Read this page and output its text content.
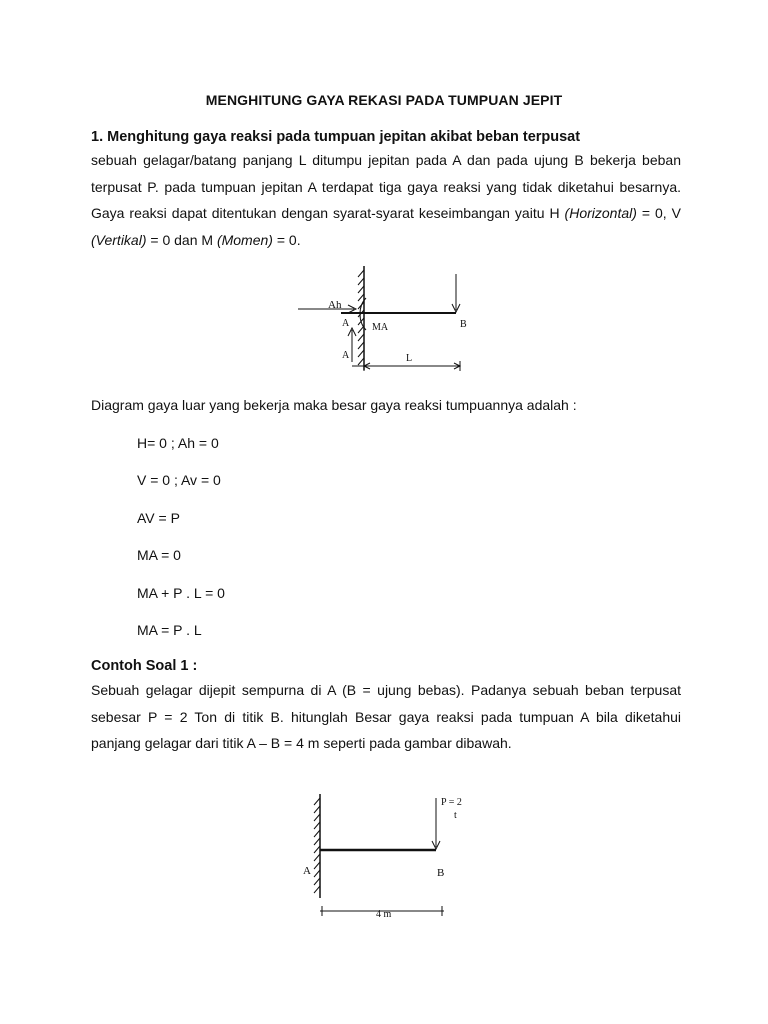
MENGHITUNG GAYA REKASI PADA TUMPUAN JEPIT
1. Menghitung gaya reaksi pada tumpuan jepitan akibat beban terpusat
sebuah gelagar/batang panjang L ditumpu jepitan pada A dan pada ujung B bekerja beban terpusat P. pada tumpuan jepitan A terdapat tiga gaya reaksi yang tidak diketahui besarnya. Gaya reaksi dapat ditentukan dengan syarat-syarat keseimbangan yaitu H (Horizontal) = 0, V (Vertikal) = 0 dan M (Momen) = 0.
Ah
A MA	B
A	L
Diagram gaya luar yang bekerja maka besar gaya reaksi tumpuannya adalah :
H= 0 ; Ah = 0
V = 0 ; Av = 0
AV = P
MA = 0
MA + P . L = 0
MA = P . L
Contoh Soal 1 :
Sebuah gelagar dijepit sempurna di A (B = ujung bebas). Padanya sebuah beban terpusat sebesar P = 2 Ton di titik B. hitunglah Besar gaya reaksi pada tumpuan A bila diketahui panjang gelagar dari titik A – B = 4 m seperti pada gambar dibawah.
P = 2
t
A	B
4 m
